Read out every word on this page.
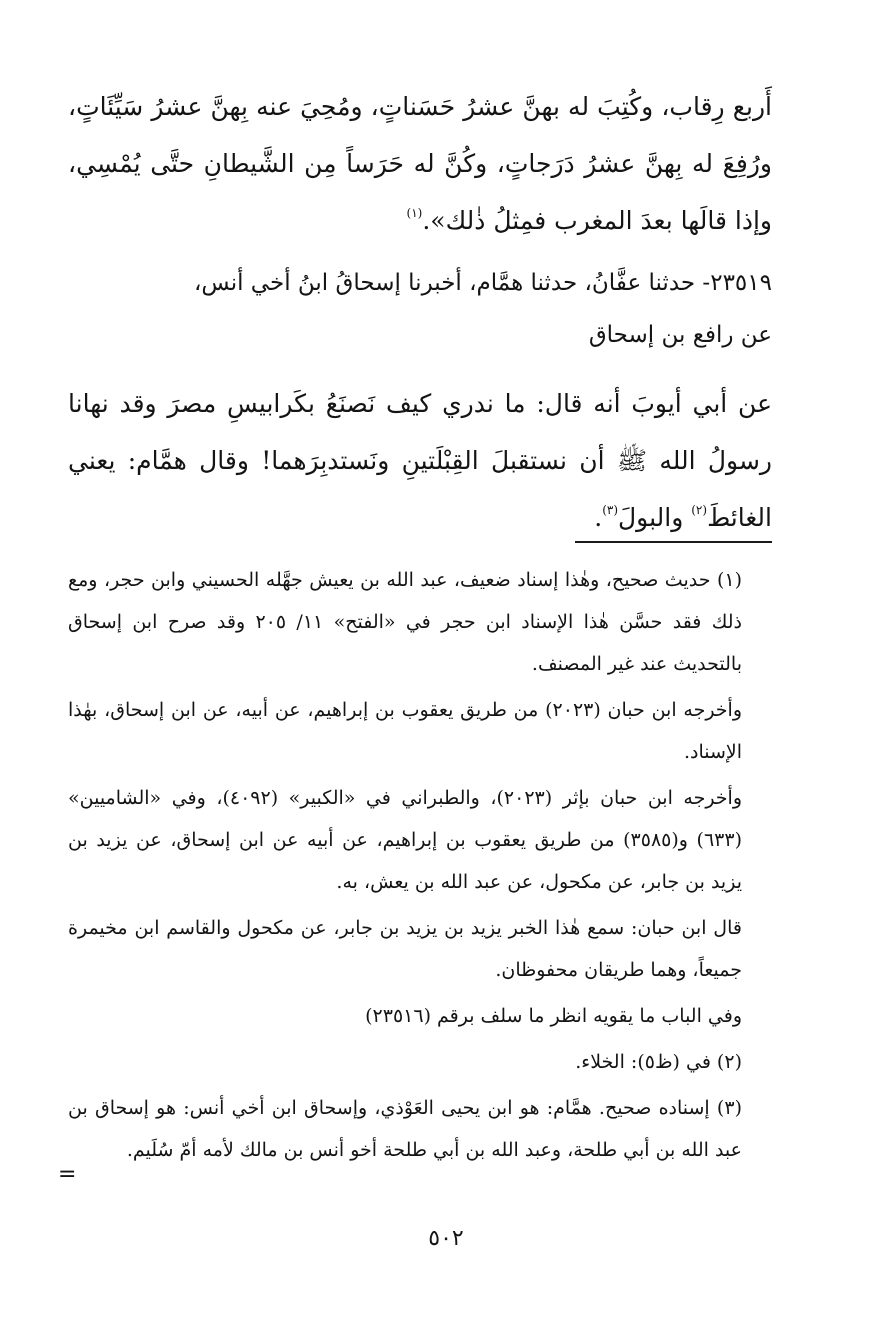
أَربع رِقاب، وكُتِبَ له بهنَّ عشرُ حَسَناتٍ، ومُحِيَ عنه بِهنَّ عشرُ سَيِّئَاتٍ، ورُفِعَ له بِهنَّ عشرُ دَرَجاتٍ، وكُنَّ له حَرَساً مِن الشَّيطانِ حتَّى يُمْسِي، وإذا قالَها بعدَ المغرب فمِثلُ ذٰلك».$^{(١)}$

٢٣٥١٩- حدثنا عفَّانُ، حدثنا همَّام، أخبرنا إسحاقُ ابنُ أخي أنس،

عن رافع بن إسحاق

عن أبي أيوبَ أنه قال: ما ندري كيف نَصنَعُ بكَرابيسِ مصرَ وقد نهانا رسولُ الله ﷺ أن نستقبلَ القِبْلَتينِ ونَستدبِرَهما! وقال همَّام: يعني الغائطَ$^{(٢)}$ والبولَ$^{(٣)}$.

(١) حديث صحيح، وهٰذا إسناد ضعيف، عبد الله بن يعيش جهَّله الحسيني وابن حجر، ومع ذلك فقد حسَّن هٰذا الإسناد ابن حجر في «الفتح» ١١/ ٢٠٥ وقد صرح ابن إسحاق بالتحديث عند غير المصنف.

وأخرجه ابن حبان (٢٠٢٣) من طريق يعقوب بن إبراهيم، عن أبيه، عن ابن إسحاق، بهٰذا الإسناد.

وأخرجه ابن حبان بإثر (٢٠٢٣)، والطبراني في «الكبير» (٤٠٩٢)، وفي «الشاميين» (٦٣٣) و(٣٥٨٥) من طريق يعقوب بن إبراهيم، عن أبيه عن ابن إسحاق، عن يزيد بن يزيد بن جابر، عن مكحول، عن عبد الله بن يعش، به.

قال ابن حبان: سمع هٰذا الخبر يزيد بن يزيد بن جابر، عن مكحول والقاسم ابن مخيمرة جميعاً، وهما طريقان محفوظان.

وفي الباب ما يقويه انظر ما سلف برقم (٢٣٥١٦)

(٢) في (ظ٥): الخلاء.

(٣) إسناده صحيح. همَّام: هو ابن يحيى العَوْذي، وإسحاق ابن أخي أنس: هو إسحاق بن عبد الله بن أبي طلحة، وعبد الله بن أبي طلحة أخو أنس بن مالك لأمه أمّ سُلَيم.

=
٥٠٢
